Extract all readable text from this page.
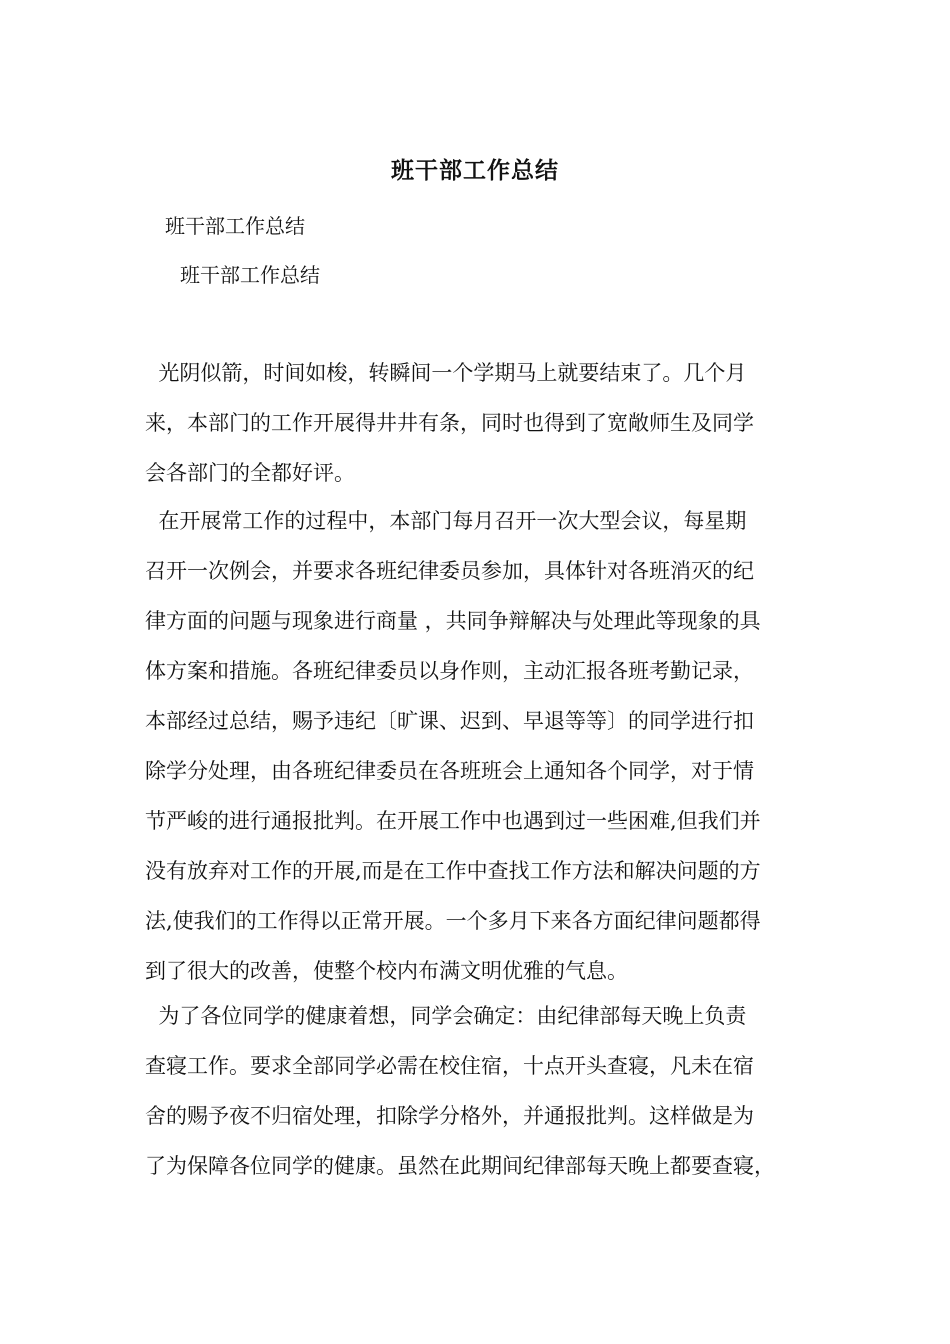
班干部工作总结
班干部工作总结
班干部工作总结
光阴似箭，时间如梭，转瞬间一个学期马上就要结束了。几个月
来，本部门的工作开展得井井有条，同时也得到了宽敞师生及同学
会各部门的全都好评。
在开展常工作的过程中，本部门每月召开一次大型会议，每星期
召开一次例会，并要求各班纪律委员参加，具体针对各班消灭的纪
律方面的问题与现象进行商量 ，共同争辩解决与处理此等现象的具
体方案和措施。各班纪律委员以身作则，主动汇报各班考勤记录，
本部经过总结，赐予违纪〔旷课、迟到、早退等等〕的同学进行扣
除学分处理，由各班纪律委员在各班班会上通知各个同学，对于情
节严峻的进行通报批判。在开展工作中也遇到过一些困难,但我们并
没有放弃对工作的开展,而是在工作中查找工作方法和解决问题的方
法,使我们的工作得以正常开展。一个多月下来各方面纪律问题都得
到了很大的改善，使整个校内布满文明优雅的气息。
为了各位同学的健康着想，同学会确定：由纪律部每天晚上负责
查寝工作。要求全部同学必需在校住宿，十点开头查寝，凡未在宿
舍的赐予夜不归宿处理，扣除学分格外，并通报批判。这样做是为
了为保障各位同学的健康。虽然在此期间纪律部每天晚上都要查寝，
